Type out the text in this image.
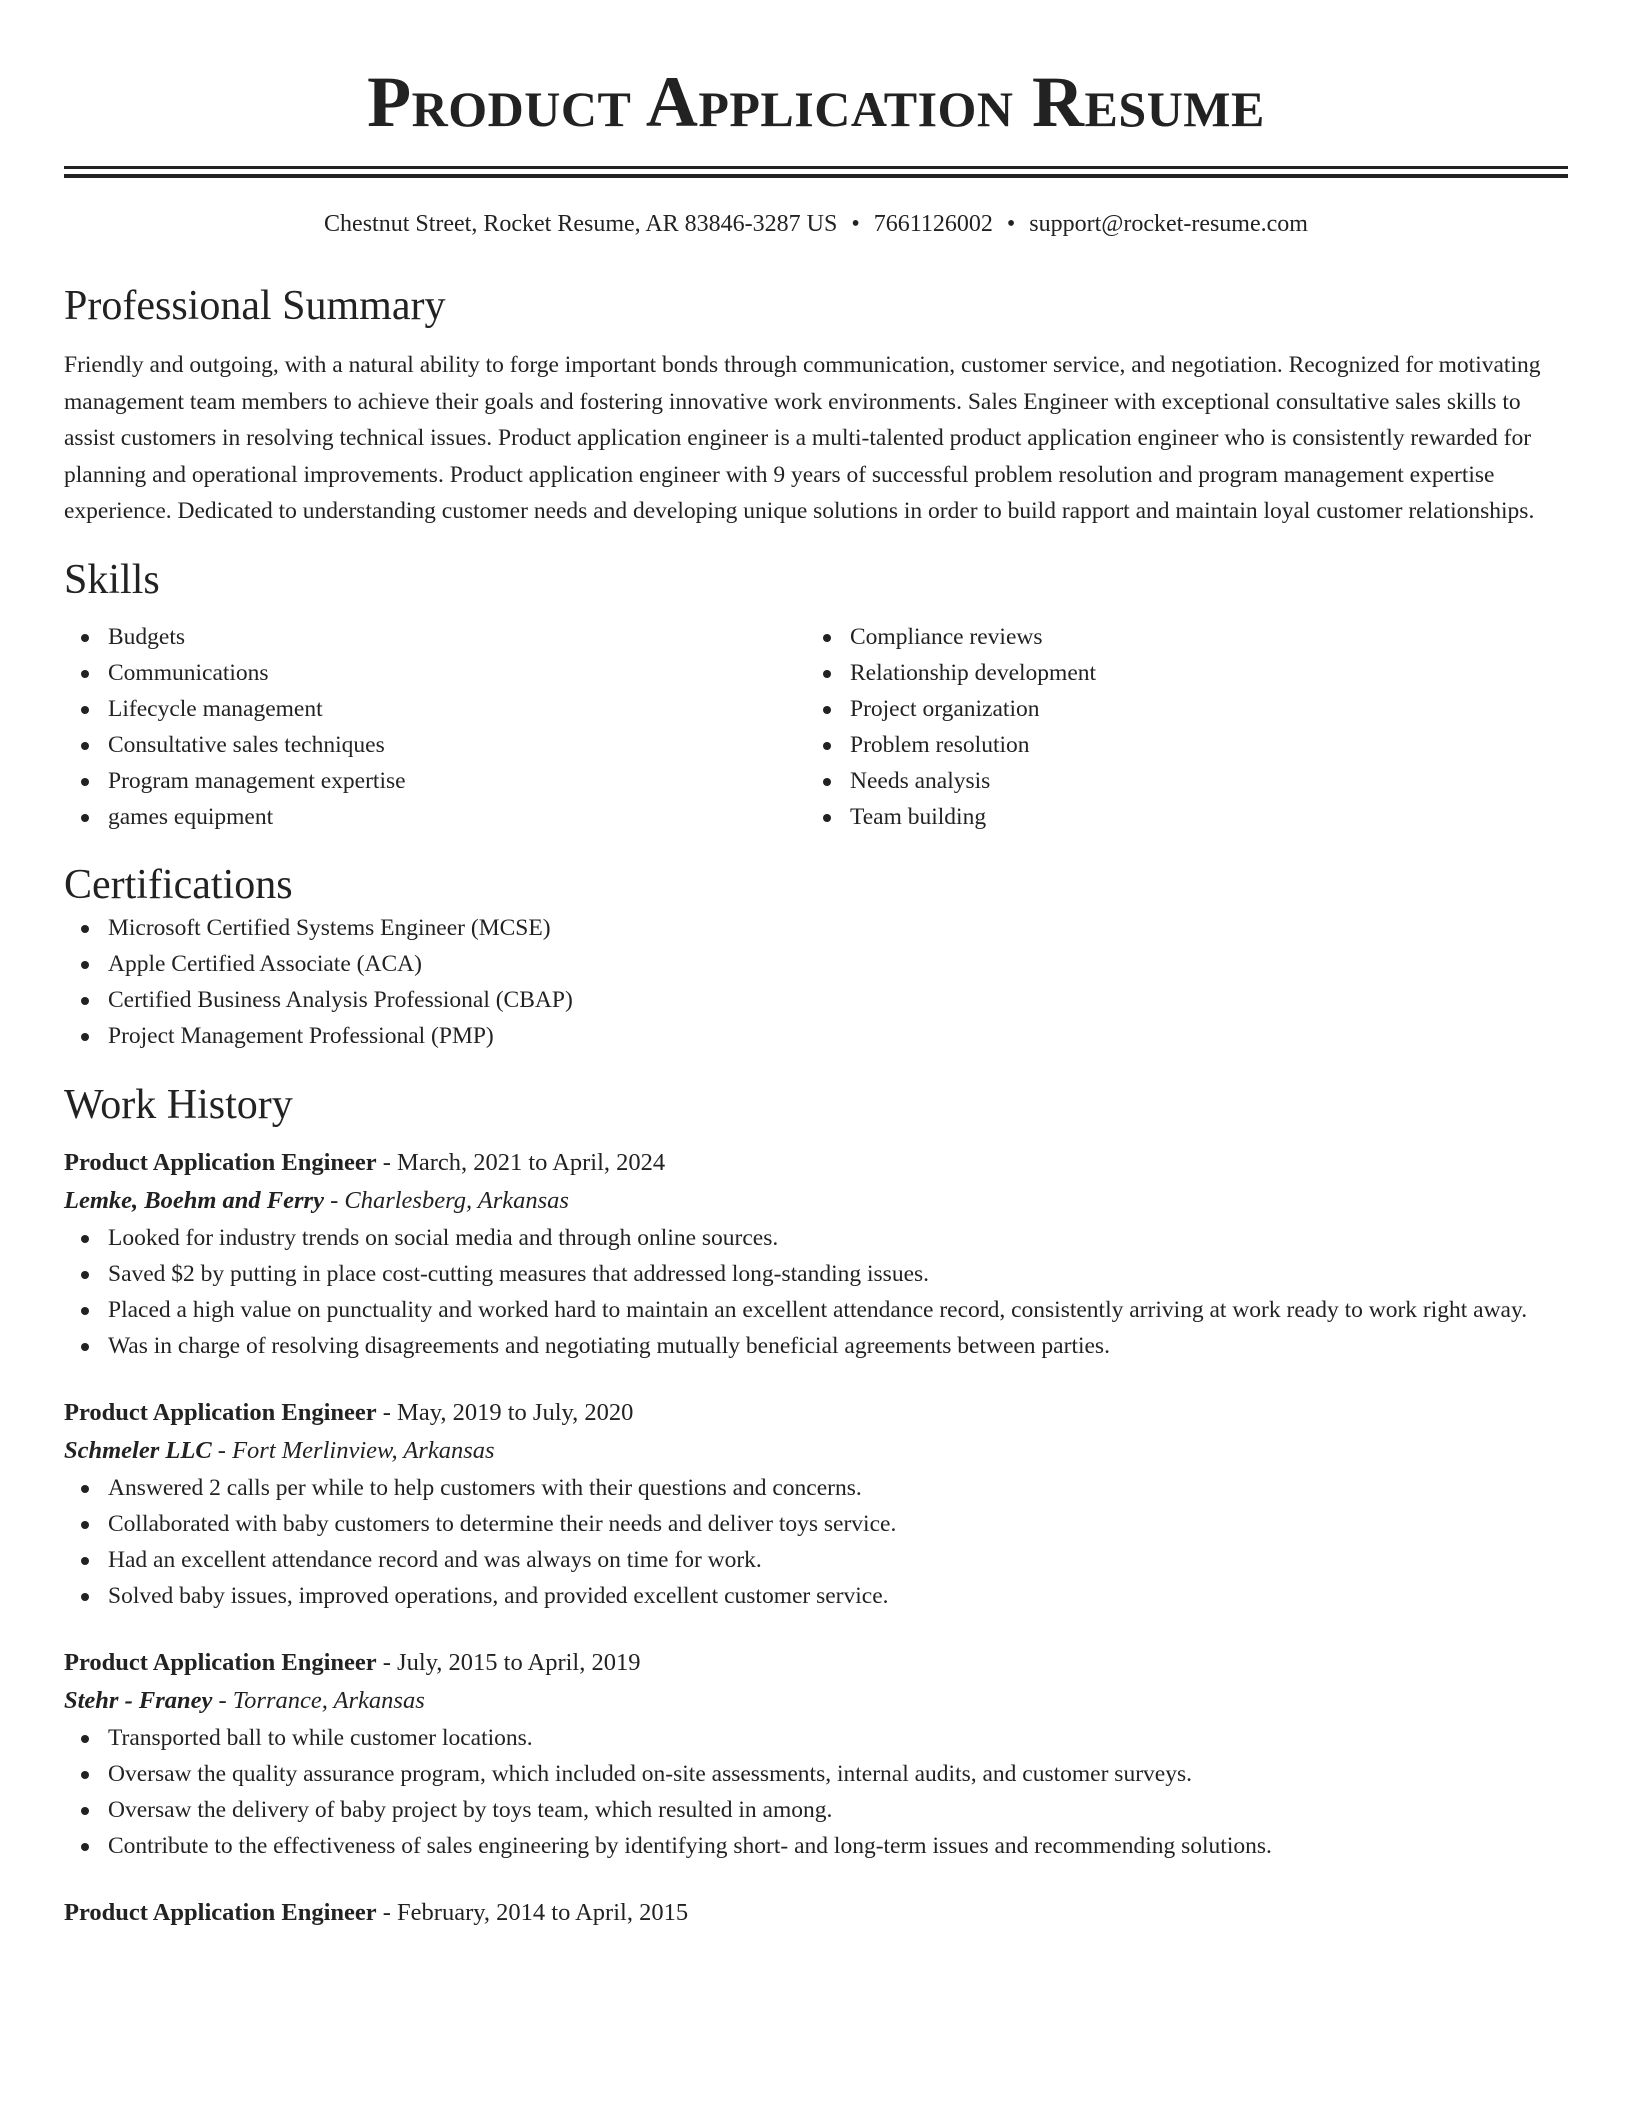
Product Application Resume
Chestnut Street, Rocket Resume, AR 83846-3287 US • 7661126002 • support@rocket-resume.com
Professional Summary
Friendly and outgoing, with a natural ability to forge important bonds through communication, customer service, and negotiation. Recognized for motivating management team members to achieve their goals and fostering innovative work environments. Sales Engineer with exceptional consultative sales skills to assist customers in resolving technical issues. Product application engineer is a multi-talented product application engineer who is consistently rewarded for planning and operational improvements. Product application engineer with 9 years of successful problem resolution and program management expertise experience. Dedicated to understanding customer needs and developing unique solutions in order to build rapport and maintain loyal customer relationships.
Skills
Budgets
Communications
Lifecycle management
Consultative sales techniques
Program management expertise
games equipment
Compliance reviews
Relationship development
Project organization
Problem resolution
Needs analysis
Team building
Certifications
Microsoft Certified Systems Engineer (MCSE)
Apple Certified Associate (ACA)
Certified Business Analysis Professional (CBAP)
Project Management Professional (PMP)
Work History
Product Application Engineer - March, 2021 to April, 2024
Lemke, Boehm and Ferry - Charlesberg, Arkansas
Looked for industry trends on social media and through online sources.
Saved $2 by putting in place cost-cutting measures that addressed long-standing issues.
Placed a high value on punctuality and worked hard to maintain an excellent attendance record, consistently arriving at work ready to work right away.
Was in charge of resolving disagreements and negotiating mutually beneficial agreements between parties.
Product Application Engineer - May, 2019 to July, 2020
Schmeler LLC - Fort Merlinview, Arkansas
Answered 2 calls per while to help customers with their questions and concerns.
Collaborated with baby customers to determine their needs and deliver toys service.
Had an excellent attendance record and was always on time for work.
Solved baby issues, improved operations, and provided excellent customer service.
Product Application Engineer - July, 2015 to April, 2019
Stehr - Franey - Torrance, Arkansas
Transported ball to while customer locations.
Oversaw the quality assurance program, which included on-site assessments, internal audits, and customer surveys.
Oversaw the delivery of baby project by toys team, which resulted in among.
Contribute to the effectiveness of sales engineering by identifying short- and long-term issues and recommending solutions.
Product Application Engineer - February, 2014 to April, 2015
